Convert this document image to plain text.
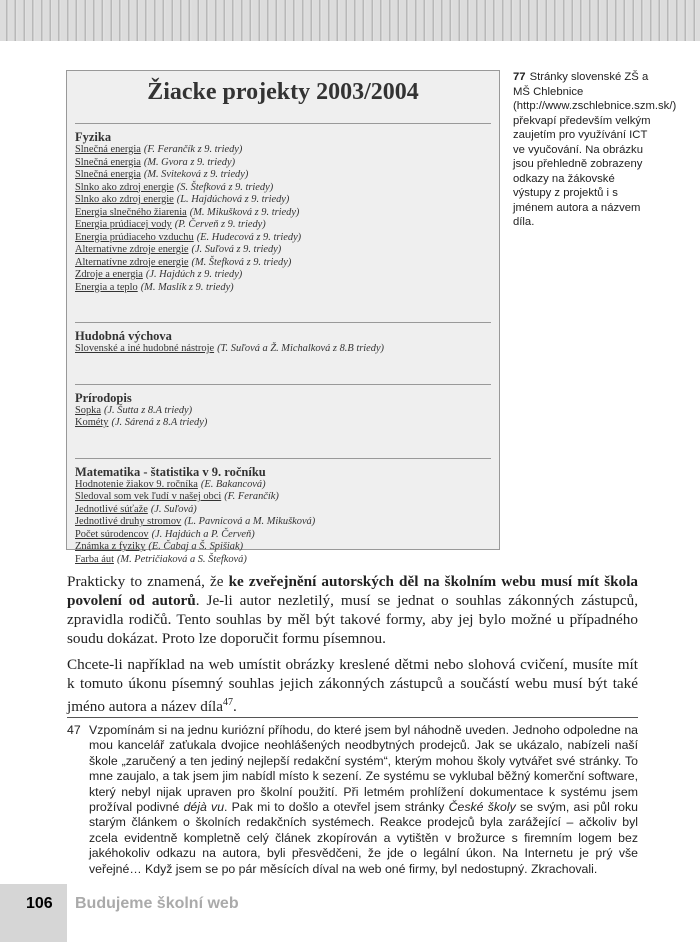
Žiacke projekty 2003/2004
Fyzika
Slnečná energia (F. Ferančík z 9. triedy)
Slnečná energia (M. Gvora z 9. triedy)
Slnečná energia (M. Sviteková z 9. triedy)
Slnko ako zdroj energie (S. Štefková z 9. triedy)
Slnko ako zdroj energie (L. Hajdúchová z 9. triedy)
Energia slnečného žiarenia (M. Mikušková z 9. triedy)
Energia prúdiacej vody (P. Červeň z 9. triedy)
Energia prúdiaceho vzduchu (E. Hudecová z 9. triedy)
Alternatívne zdroje energie (J. Suľová z 9. triedy)
Alternatívne zdroje energie (M. Štefková z 9. triedy)
Zdroje a energia (J. Hajdúch z 9. triedy)
Energia a teplo (M. Maslík z 9. triedy)
Hudobná výchova
Slovenské a iné hudobné nástroje (T. Suľová a Ž. Michalková z 8.B triedy)
Prírodopis
Sopka (J. Šutta z 8.A triedy)
Kométy (J. Sárená z 8.A triedy)
Matematika - štatistika v 9. ročníku
Hodnotenie žiakov 9. ročníka (E. Bakancová)
Sledoval som vek ľudí v našej obci (F. Ferančík)
Jednotlivé súťaže (J. Suľová)
Jednotlivé druhy stromov (L. Pavnicová a M. Mikušková)
Počet súrodencov (J. Hajdúch a P. Červeň)
Známka z fyziky (E. Čabaj a Š. Spišiak)
Farba áut (M. Petričiaková a S. Štefková)
77 Stránky slovenské ZŠ a MŠ Chlebnice (http://www.zschlebnice.szm.sk/) překvapí především velkým zaujetím pro využívání ICT ve vyučování. Na obrázku jsou přehledně zobrazeny odkazy na žákovské výstupy z projektů i s jménem autora a názvem díla.

Prakticky to znamená, že ke zveřejnění autorských děl na školním webu musí mít škola povolení od autorů. Je-li autor nezletilý, musí se jednat o souhlas zákonných zástupců, zpravidla rodičů. Tento souhlas by měl být takové formy, aby jej bylo možné u případného soudu dokázat. Proto lze doporučit formu písemnou.

Chcete-li například na web umístit obrázky kreslené dětmi nebo slohová cvičení, musíte mít k tomuto úkonu písemný souhlas jejich zákonných zástupců a součástí webu musí být také jméno autora a název díla$^{47}$.

47 Vzpomínám si na jednu kuriózní příhodu, do které jsem byl náhodně uveden. Jednoho odpoledne na mou kancelář zaťukala dvojice neohlášených neodbytných prodejců. Jak se ukázalo, nabízeli naší škole „zaručený a ten jediný nejlepší redakční systém“, kterým mohou školy vytvářet své stránky. To mne zaujalo, a tak jsem jim nabídl místo k sezení. Ze systému se vyklubal běžný komerční software, který nebyl nijak upraven pro školní použití. Při letmém prohlížení dokumentace k systému jsem prožíval podivné déjà vu. Pak mi to došlo a otevřel jsem stránky České školy se svým, asi půl roku starým článkem o školních redakčních systémech. Reakce prodejců byla zarážející – ačkoliv byl zcela evidentně kompletně celý článek zkopírován a vytištěn v brožurce s firemním logem bez jakéhokoliv odkazu na autora, byli přesvědčeni, že jde o legální úkon. Na Internetu je prý vše veřejné… Když jsem se po pár měsících díval na web oné firmy, byl nedostupný. Zkrachovali.
106 Budujeme školní web
